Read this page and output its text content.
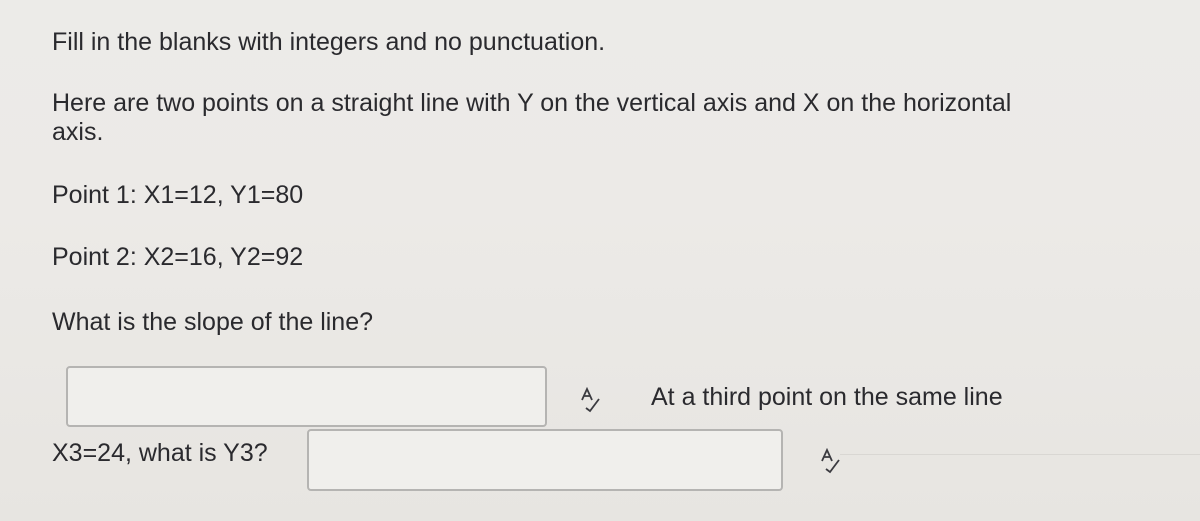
Fill in the blanks with integers and no punctuation.
Here are two points on a straight line with Y on the vertical axis and X on the horizontal axis.
Point 1: X1=12, Y1=80
Point 2: X2=16, Y2=92
What is the slope of the line?
At a third point on the same line
X3=24, what is Y3?
